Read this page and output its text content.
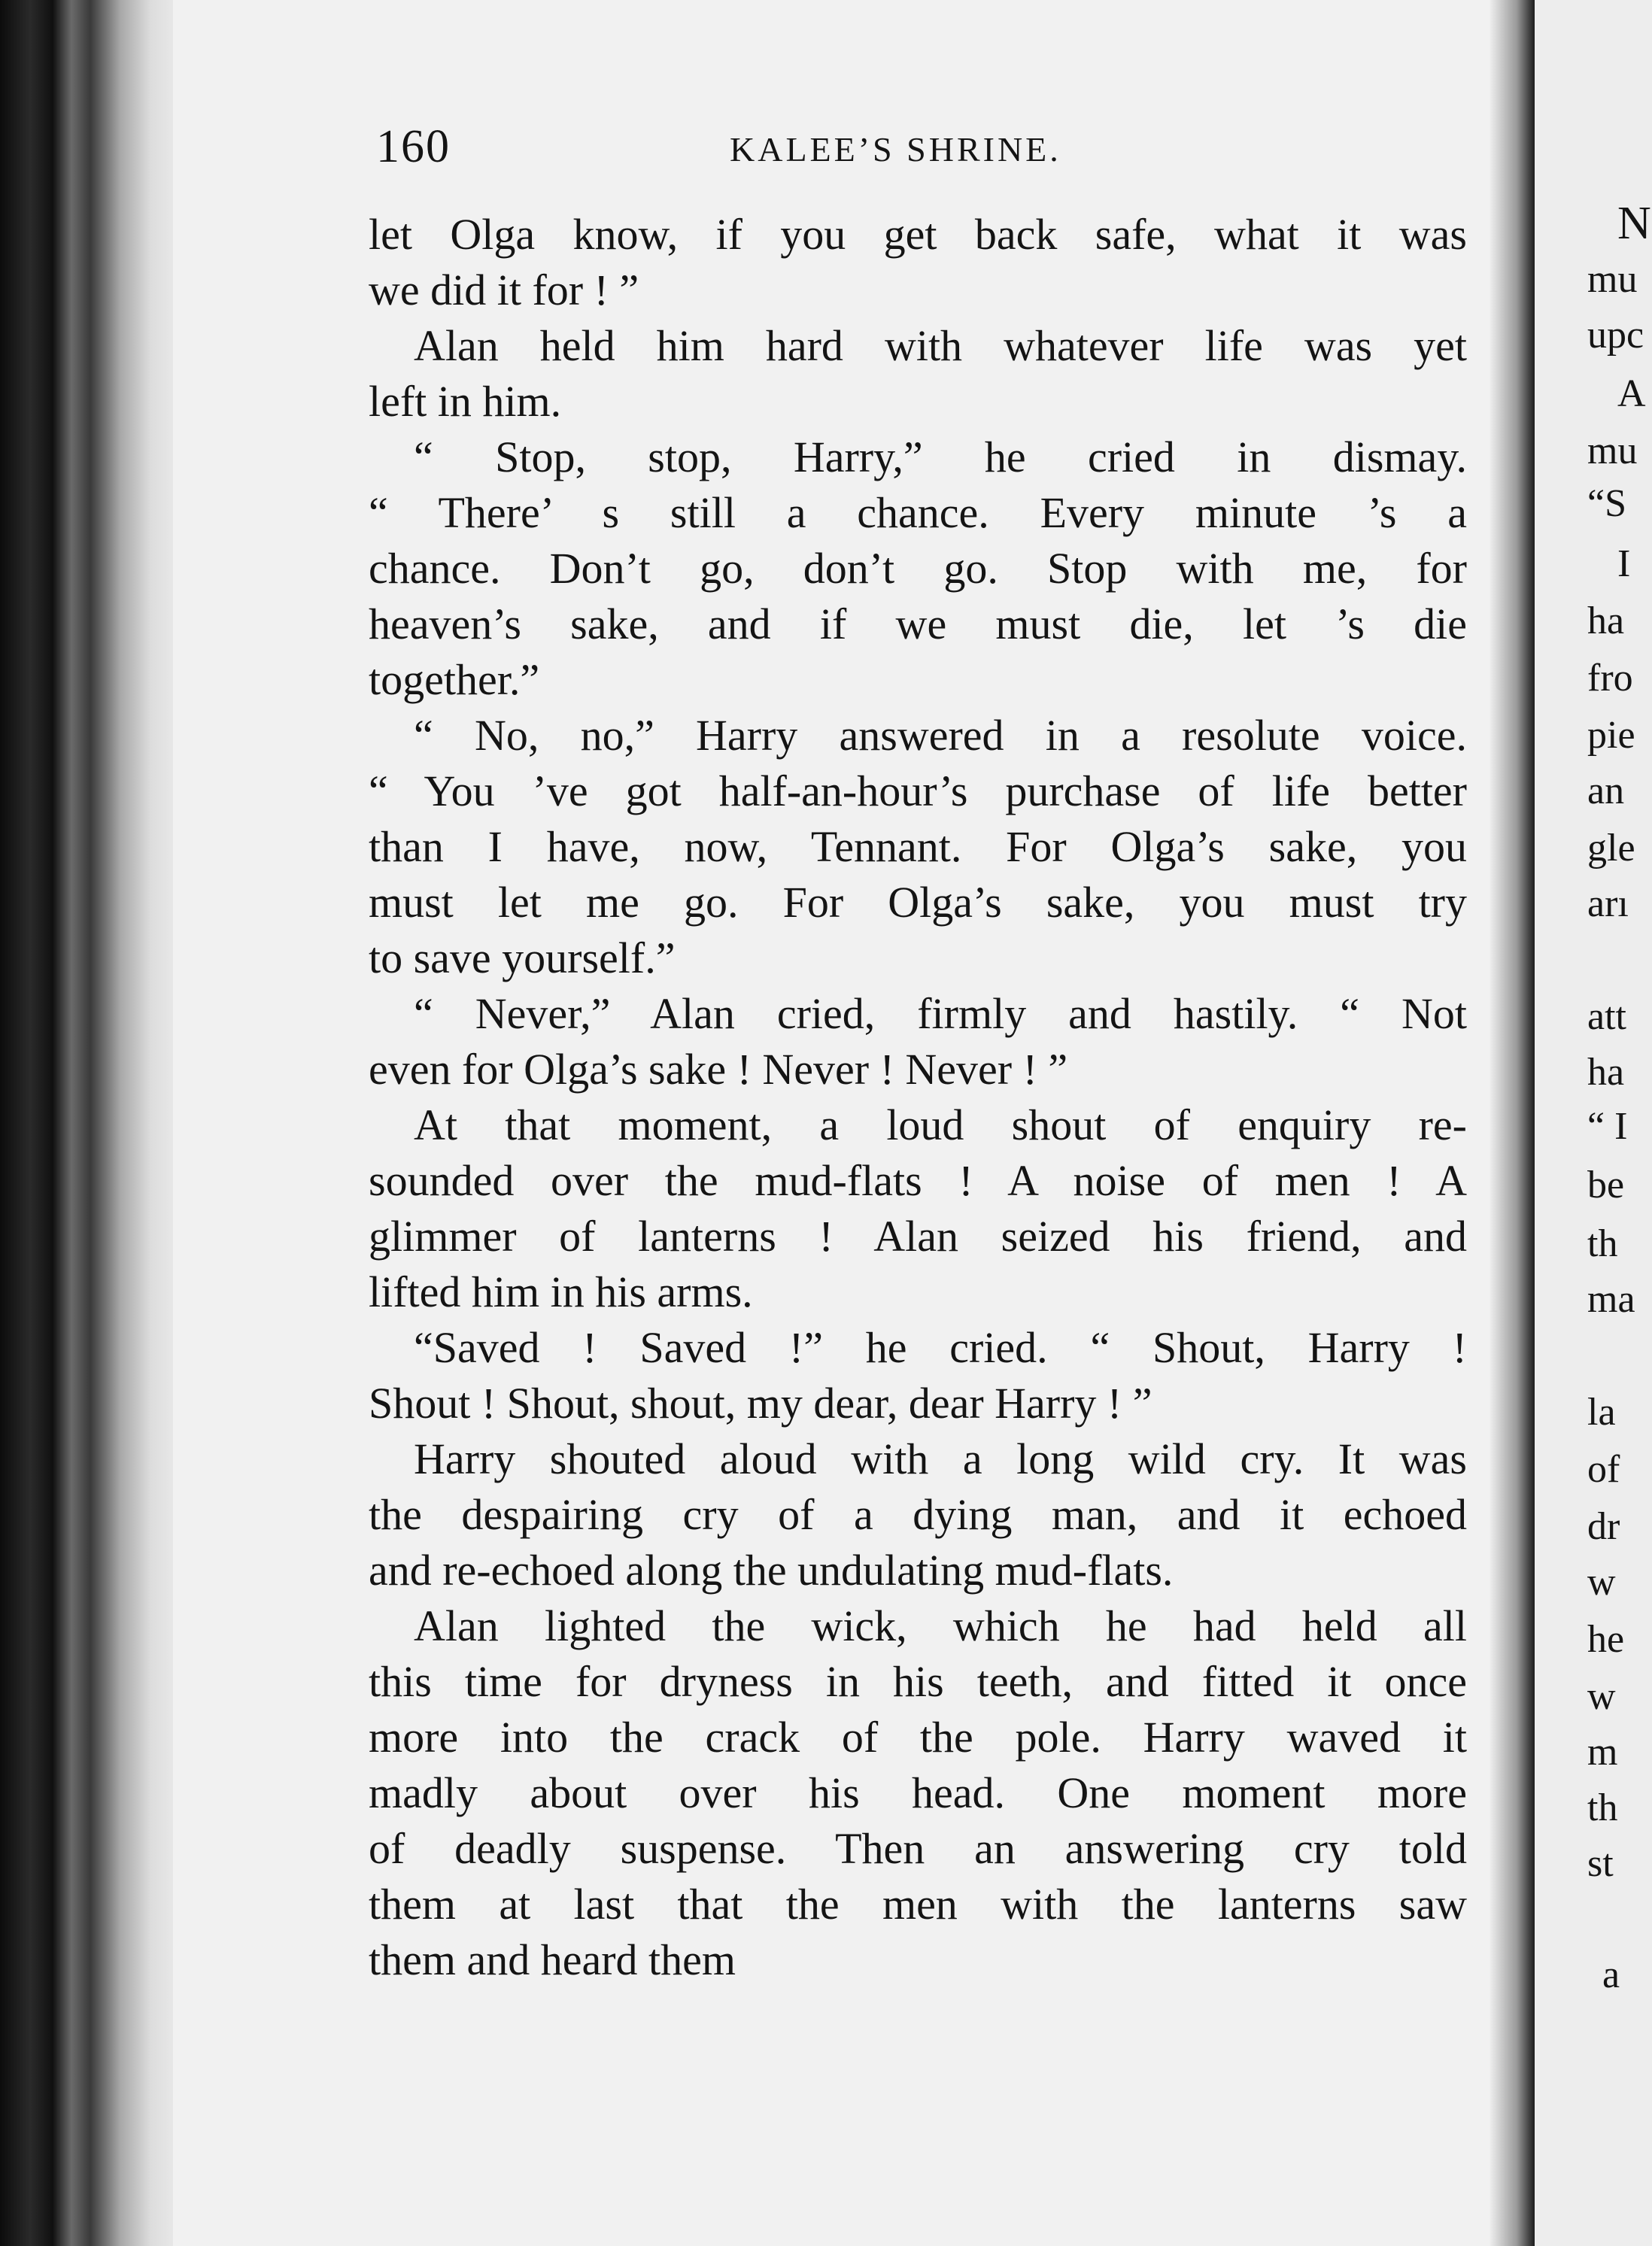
160	KALEE’S SHRINE.
let Olga know, if you get back safe, what it was
we did it for ! ”
Alan held him hard with whatever life was yet
left in him.
“ Stop, stop, Harry,” he cried in dismay.
“ There’ s still a chance. Every minute ’s a
chance. Don’t go, don’t go. Stop with me, for
heaven’s sake, and if we must die, let ’s die
together.”
“ No, no,” Harry answered in a resolute voice.
“ You ’ve got half-an-hour’s purchase of life better
than I have, now, Tennant. For Olga’s sake, you
must let me go. For Olga’s sake, you must try
to save yourself.”
“ Never,” Alan cried, firmly and hastily. “ Not
even for Olga’s sake ! Never ! Never ! ”
At that moment, a loud shout of enquiry re-
sounded over the mud-flats ! A noise of men ! A
glimmer of lanterns ! Alan seized his friend, and
lifted him in his arms.
“Saved ! Saved !” he cried. “ Shout, Harry !
Shout ! Shout, shout, my dear, dear Harry ! ”
Harry shouted aloud with a long wild cry. It was
the despairing cry of a dying man, and it echoed
and re-echoed along the undulating mud-flats.
Alan lighted the wick, which he had held all
this time for dryness in his teeth, and fitted it once
more into the crack of the pole. Harry waved it
madly about over his head. One moment more
of deadly suspense. Then an answering cry told
them at last that the men with the lanterns saw
them and heard them
N
mu
upc
A
mu
“S
I
ha
fro
pie
an
gle
arı
att
ha
“ I
be
th
ma
la
of
dr
w
he
w
m
th
st
a
